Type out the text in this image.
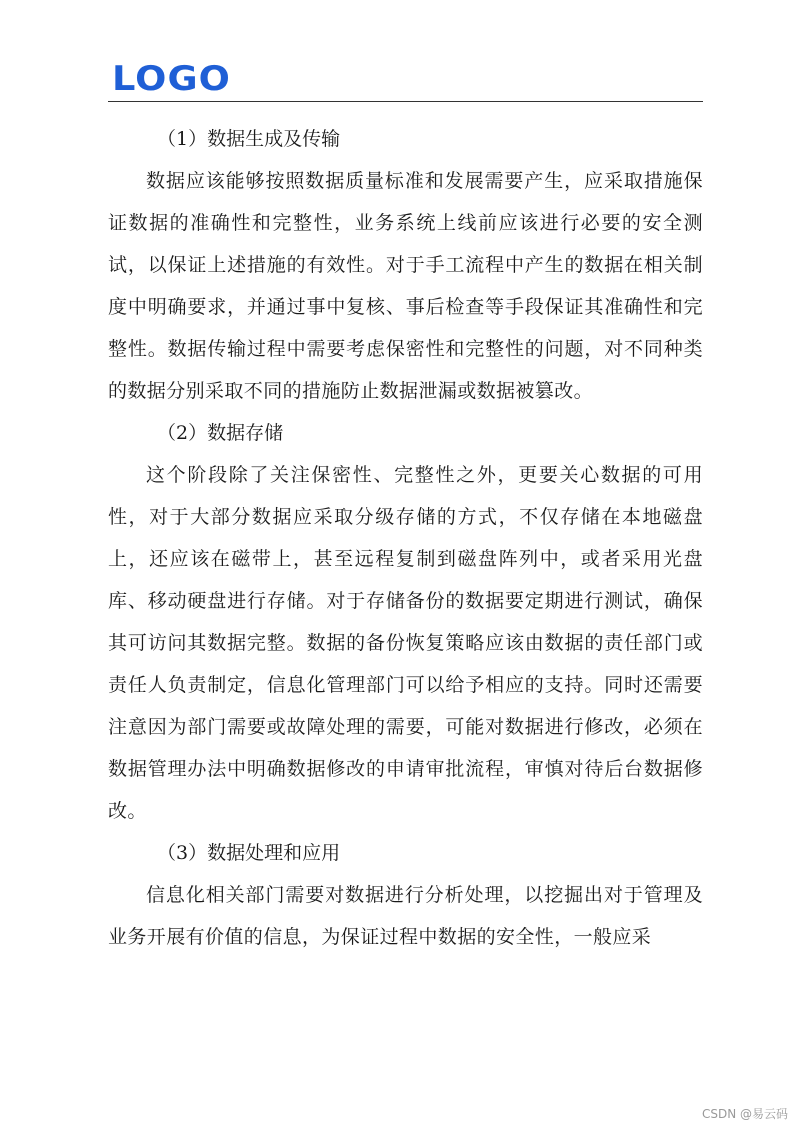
LOGO

（1）数据生成及传输

数据应该能够按照数据质量标准和发展需要产生，应采取措施保证数据的准确性和完整性，业务系统上线前应该进行必要的安全测试，以保证上述措施的有效性。对于手工流程中产生的数据在相关制度中明确要求，并通过事中复核、事后检查等手段保证其准确性和完整性。数据传输过程中需要考虑保密性和完整性的问题，对不同种类的数据分别采取不同的措施防止数据泄漏或数据被篡改。

（2）数据存储

这个阶段除了关注保密性、完整性之外，更要关心数据的可用性，对于大部分数据应采取分级存储的方式，不仅存储在本地磁盘上，还应该在磁带上，甚至远程复制到磁盘阵列中，或者采用光盘库、移动硬盘进行存储。对于存储备份的数据要定期进行测试，确保其可访问其数据完整。数据的备份恢复策略应该由数据的责任部门或责任人负责制定，信息化管理部门可以给予相应的支持。同时还需要注意因为部门需要或故障处理的需要，可能对数据进行修改，必须在数据管理办法中明确数据修改的申请审批流程，审慎对待后台数据修改。

（3）数据处理和应用

信息化相关部门需要对数据进行分析处理，以挖掘出对于管理及业务开展有价值的信息，为保证过程中数据的安全性，一般应采

CSDN @易云码
